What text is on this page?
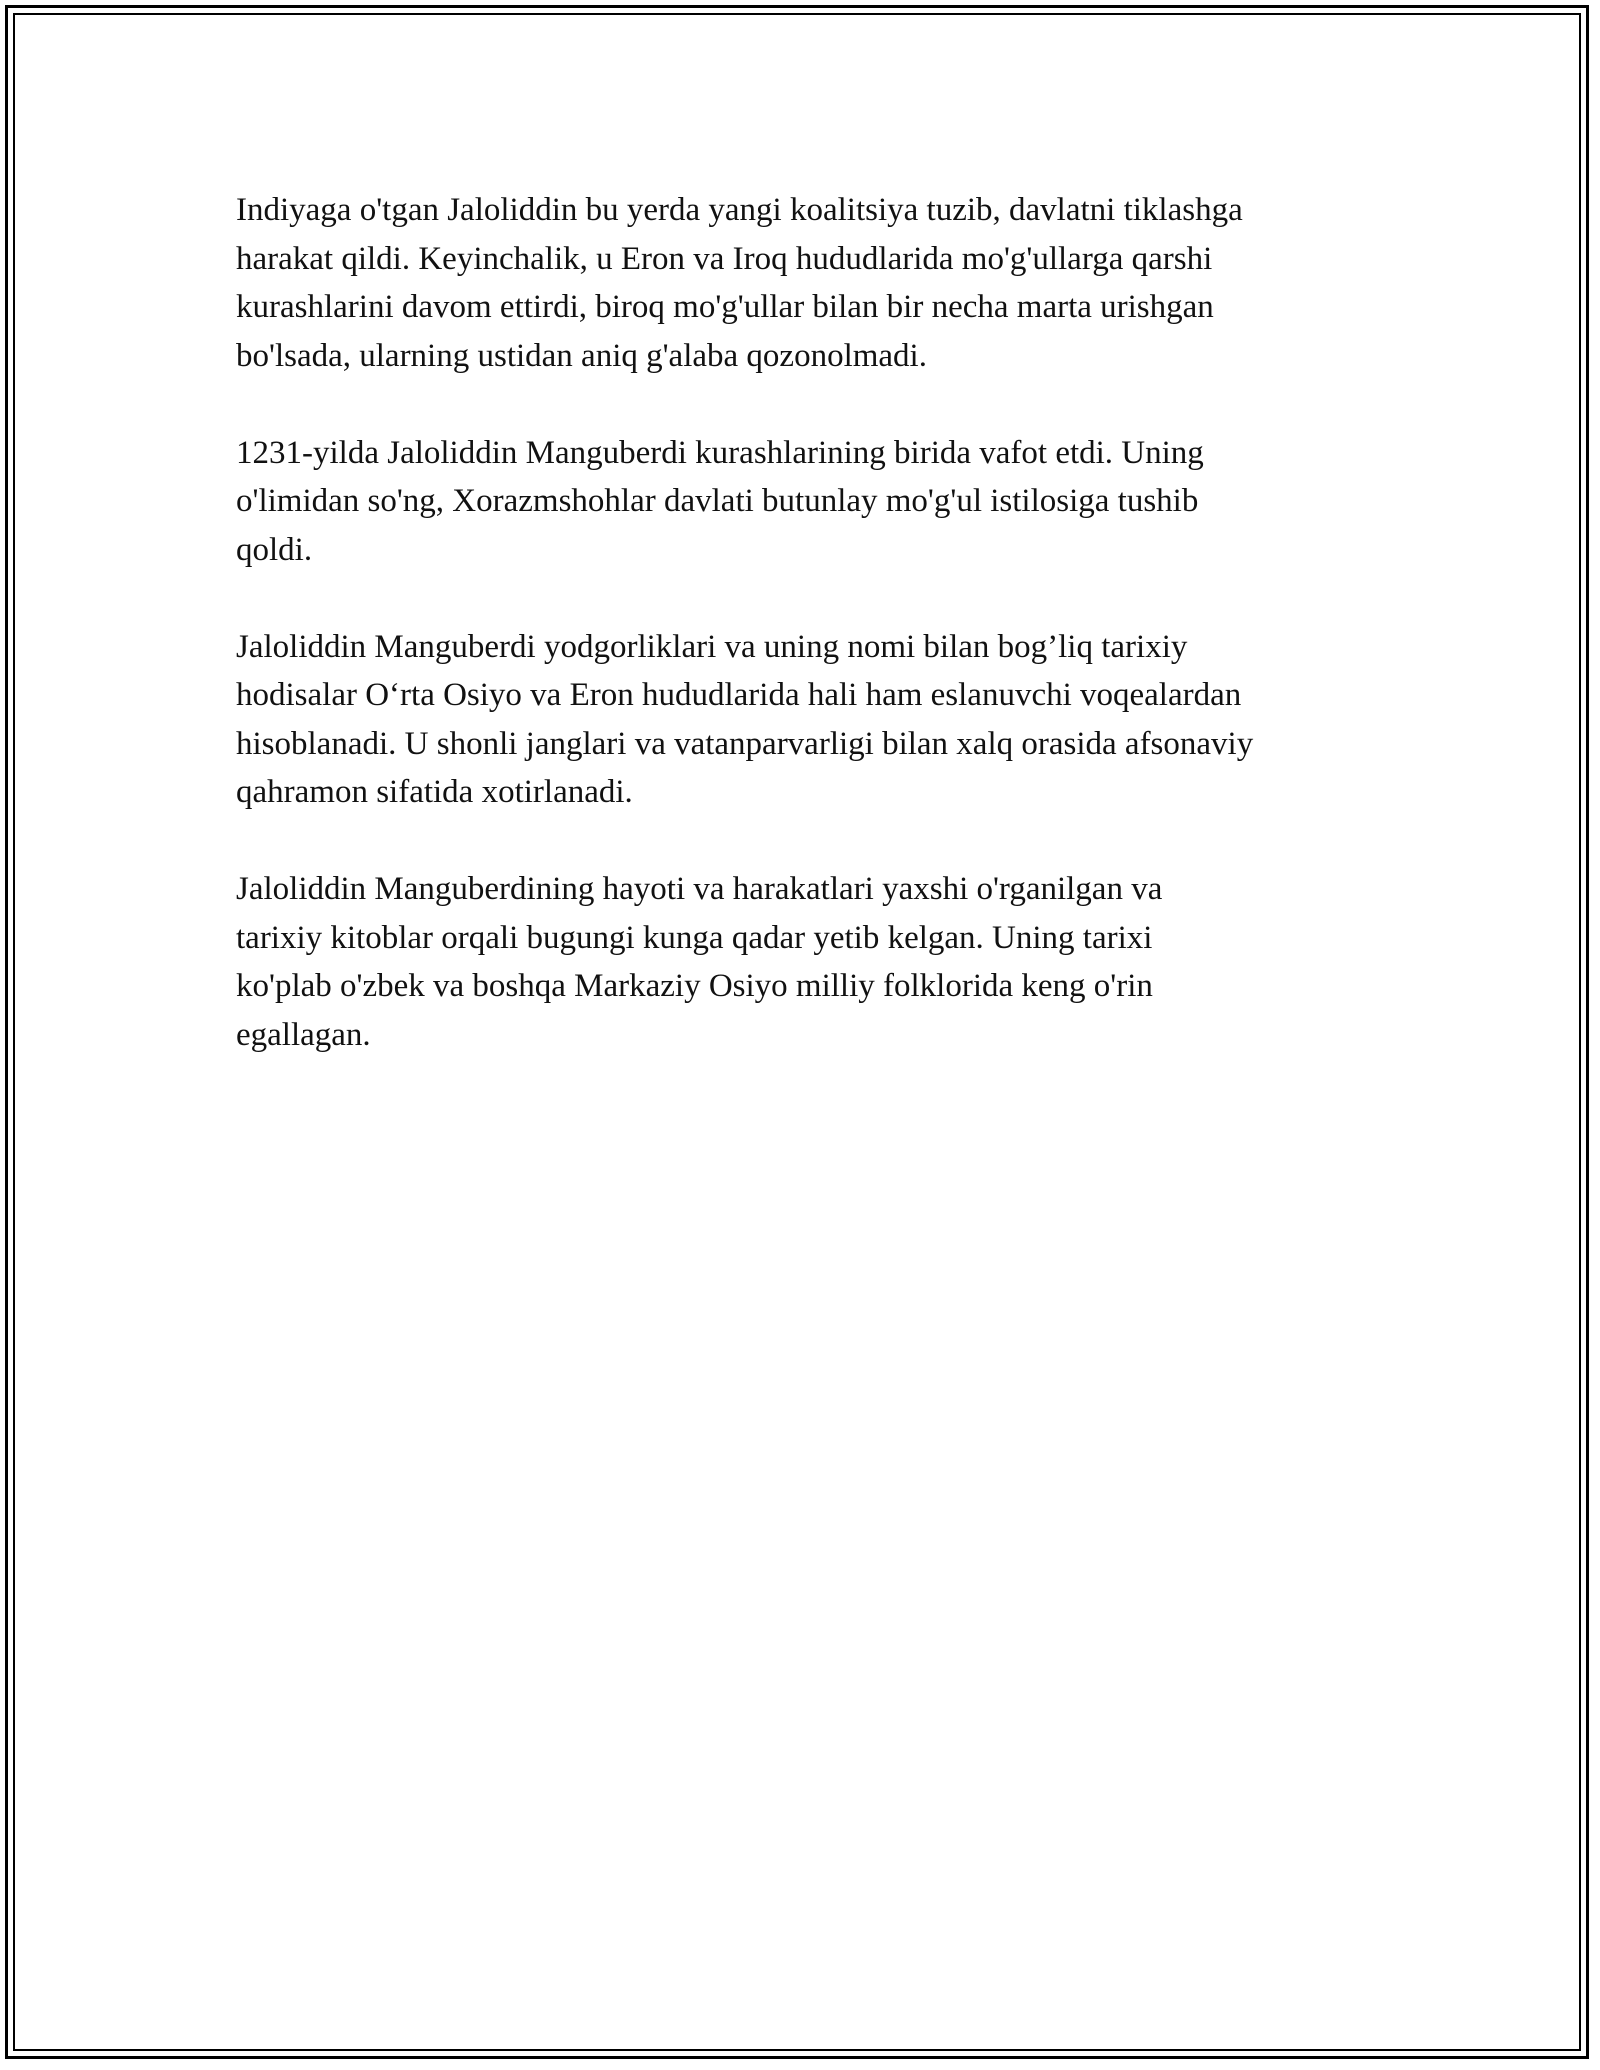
Indiyaga o'tgan Jaloliddin bu yerda yangi koalitsiya tuzib, davlatni tiklashga
harakat qildi. Keyinchalik, u Eron va Iroq hududlarida mo'g'ullarga qarshi
kurashlarini davom ettirdi, biroq mo'g'ullar bilan bir necha marta urishgan
bo'lsada, ularning ustidan aniq g'alaba qozonolmadi.

1231-yilda Jaloliddin Manguberdi kurashlarining birida vafot etdi. Uning
o'limidan so'ng, Xorazmshohlar davlati butunlay mo'g'ul istilosiga tushib
qoldi.

Jaloliddin Manguberdi yodgorliklari va uning nomi bilan bog’liq tarixiy
hodisalar O‘rta Osiyo va Eron hududlarida hali ham eslanuvchi voqealardan
hisoblanadi. U shonli janglari va vatanparvarligi bilan xalq orasida afsonaviy
qahramon sifatida xotirlanadi.

Jaloliddin Manguberdining hayoti va harakatlari yaxshi o'rganilgan va
tarixiy kitoblar orqali bugungi kunga qadar yetib kelgan. Uning tarixi
ko'plab o'zbek va boshqa Markaziy Osiyo milliy folklorida keng o'rin
egallagan.
